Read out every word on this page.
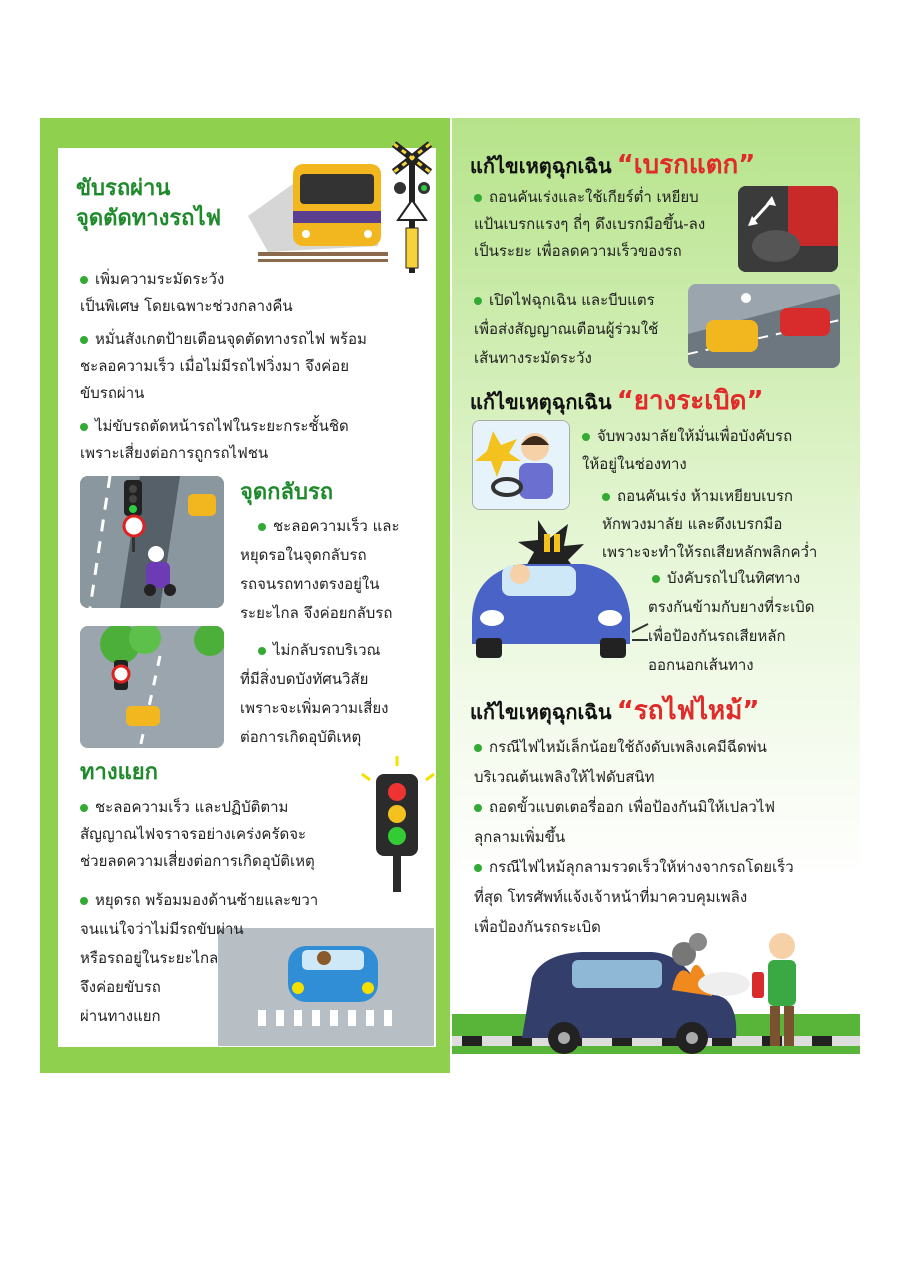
ขับรถผ่าน
จุดตัดทางรถไฟ
เพิ่มความระมัดระวัง
เป็นพิเศษ โดยเฉพาะช่วงกลางคืน
หมั่นสังเกตป้ายเตือนจุดตัดทางรถไฟ พร้อม
ชะลอความเร็ว เมื่อไม่มีรถไฟวิ่งมา จึงค่อย
ขับรถผ่าน
ไม่ขับรถตัดหน้ารถไฟในระยะกระชั้นชิด
เพราะเสี่ยงต่อการถูกรถไฟชน
จุดกลับรถ
ชะลอความเร็ว และ
หยุดรอในจุดกลับรถ
รถจนรถทางตรงอยู่ใน
ระยะไกล จึงค่อยกลับรถ
ไม่กลับรถบริเวณ
ที่มีสิ่งบดบังทัศนวิสัย
เพราะจะเพิ่มความเสี่ยง
ต่อการเกิดอุบัติเหตุ
ทางแยก
ชะลอความเร็ว และปฏิบัติตาม
สัญญาณไฟจราจรอย่างเคร่งครัดจะ
ช่วยลดความเสี่ยงต่อการเกิดอุบัติเหตุ
หยุดรถ พร้อมมองด้านซ้ายและขวา
จนแน่ใจว่าไม่มีรถขับผ่าน
หรือรถอยู่ในระยะไกล
จึงค่อยขับรถ
ผ่านทางแยก
แก้ไขเหตุฉุกเฉิน “เบรกแตก”
ถอนคันเร่งและใช้เกียร์ต่ำ เหยียบ
แป้นเบรกแรงๆ ถี่ๆ ดึงเบรกมือขึ้น-ลง
เป็นระยะ เพื่อลดความเร็วของรถ
เปิดไฟฉุกเฉิน และบีบแตร
เพื่อส่งสัญญาณเตือนผู้ร่วมใช้
เส้นทางระมัดระวัง
แก้ไขเหตุฉุกเฉิน “ยางระเบิด”
จับพวงมาลัยให้มั่นเพื่อบังคับรถ
ให้อยู่ในช่องทาง
ถอนคันเร่ง ห้ามเหยียบเบรก
หักพวงมาลัย และดึงเบรกมือ
เพราะจะทำให้รถเสียหลักพลิกคว่ำ
บังคับรถไปในทิศทาง
ตรงกันข้ามกับยางที่ระเบิด
เพื่อป้องกันรถเสียหลัก
ออกนอกเส้นทาง
แก้ไขเหตุฉุกเฉิน “รถไฟไหม้”
กรณีไฟไหม้เล็กน้อยใช้ถังดับเพลิงเคมีฉีดพ่น
บริเวณต้นเพลิงให้ไฟดับสนิท
ถอดขั้วแบตเตอรี่ออก เพื่อป้องกันมิให้เปลวไฟ
ลุกลามเพิ่มขึ้น
กรณีไฟไหม้ลุกลามรวดเร็วให้ห่างจากรถโดยเร็ว
ที่สุด โทรศัพท์แจ้งเจ้าหน้าที่มาควบคุมเพลิง
เพื่อป้องกันรถระเบิด
